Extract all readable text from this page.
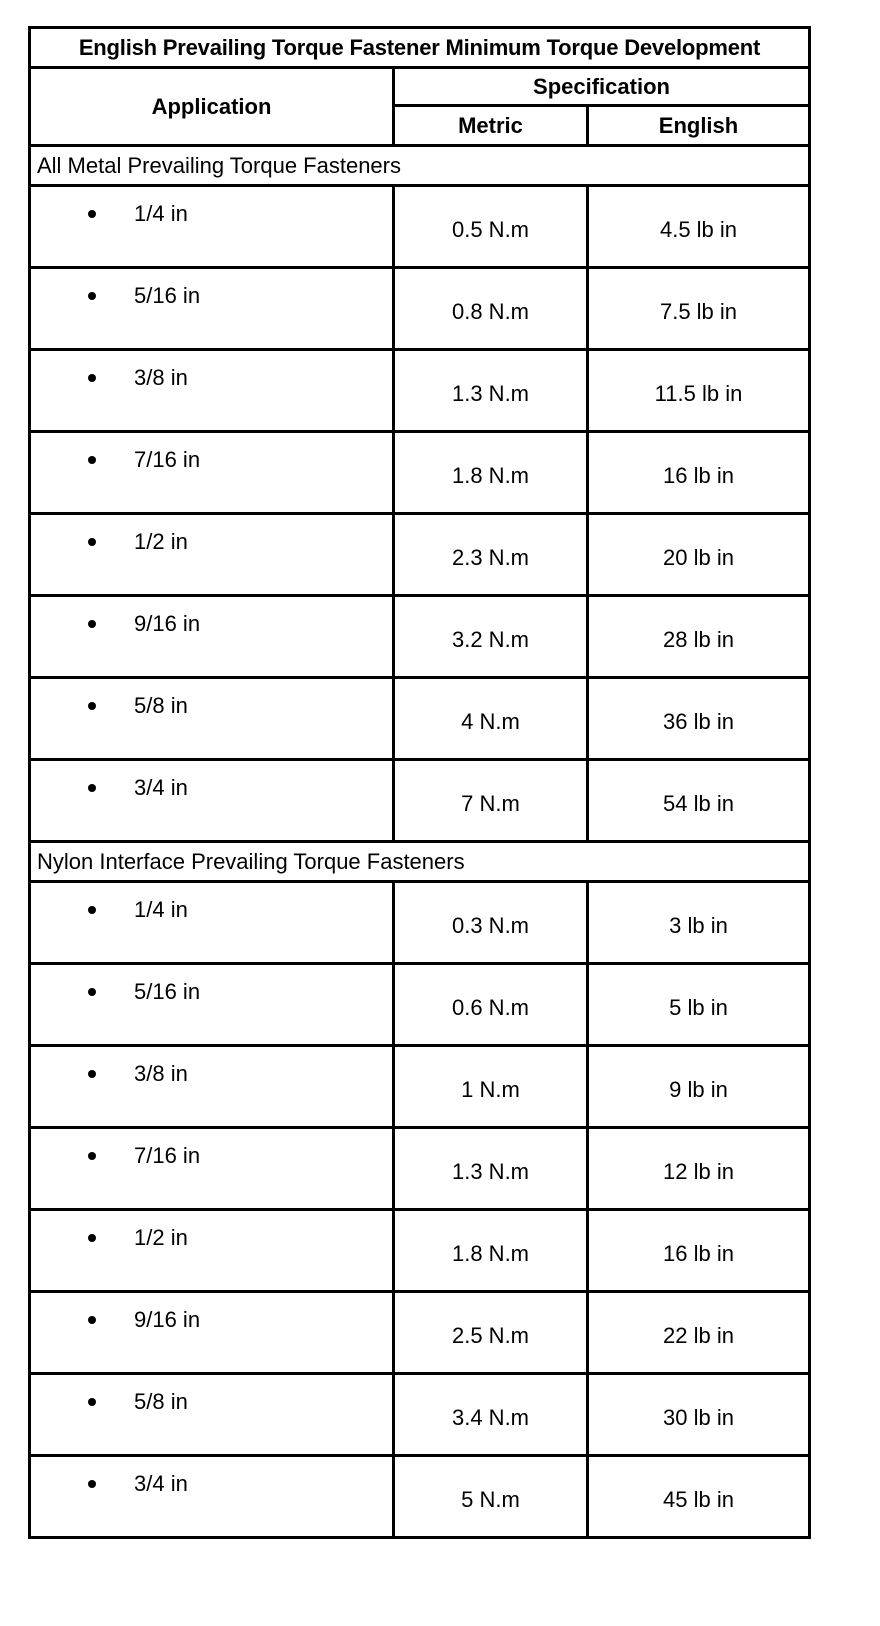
English Prevailing Torque Fastener Minimum Torque Development		
Application	Specification	
	Metric	English
All Metal Prevailing Torque Fasteners		

1/4 in	0.5 N.m	4.5 lb in

5/16 in	0.8 N.m	7.5 lb in

3/8 in	1.3 N.m	11.5 lb in

7/16 in	1.8 N.m	16 lb in

1/2 in	2.3 N.m	20 lb in

9/16 in	3.2 N.m	28 lb in

5/8 in	4 N.m	36 lb in

3/4 in	7 N.m	54 lb in
Nylon Interface Prevailing Torque Fasteners		

1/4 in	0.3 N.m	3 lb in

5/16 in	0.6 N.m	5 lb in

3/8 in	1 N.m	9 lb in

7/16 in	1.3 N.m	12 lb in

1/2 in	1.8 N.m	16 lb in

9/16 in	2.5 N.m	22 lb in

5/8 in	3.4 N.m	30 lb in

3/4 in	5 N.m	45 lb in
